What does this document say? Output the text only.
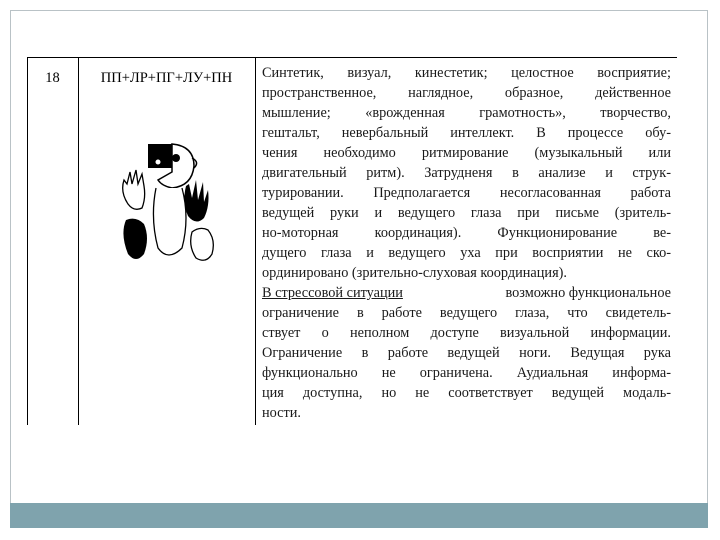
18	ПП+ЛР+ПГ+ЛУ+ПН	Синтетик, визуал, кинестетик; целостное восприятие;
пространственное, наглядное, образное, действенное
мышление; «врожденная грамотность», творчество,
гештальт, невербальный интеллект. В процессе обу-
чения необходимо ритмирование (музыкальный или
двигательный ритм). Затрудненя в анализе и струк-
турировании. Предполагается несогласованная работа
ведущей руки и ведущего глаза при письме (зритель-
но-моторная координация). Функционирование ве-
дущего глаза и ведущего уха при восприятии не ско-
ординировано (зрительно-слуховая координация).
В стрессовой ситуации	возможно функциональное
ограничение в работе ведущего глаза, что свидетель-
ствует о неполном доступе визуальной информации.
Ограничение в работе ведущей ноги. Ведущая рука
функционально не ограничена. Аудиальная информа-
ция доступна, но не соответствует ведущей модаль-
ности.
